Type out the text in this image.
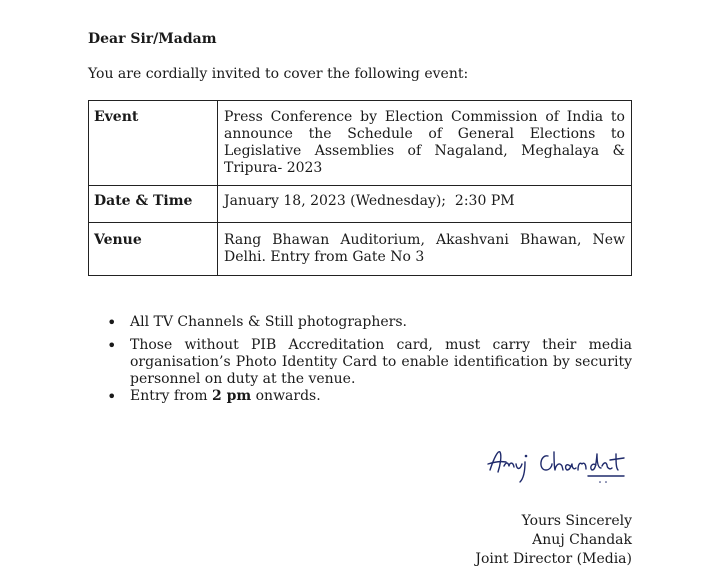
Dear Sir/Madam
You are cordially invited to cover the following event:
Event	Press Conference by Election Commission of India to announce the Schedule of General Elections to Legislative Assemblies of Nagaland, Meghalaya & Tripura- 2023
Date & Time	January 18, 2023 (Wednesday);  2:30 PM
Venue	Rang Bhawan Auditorium, Akashvani Bhawan, New Delhi. Entry from Gate No 3
• All TV Channels & Still photographers.
• Those without PIB Accreditation card, must carry their media organisation’s Photo Identity Card to enable identification by security personnel on duty at the venue.
• Entry from 2 pm onwards.
Yours Sincerely
Anuj Chandak
Joint Director (Media)
